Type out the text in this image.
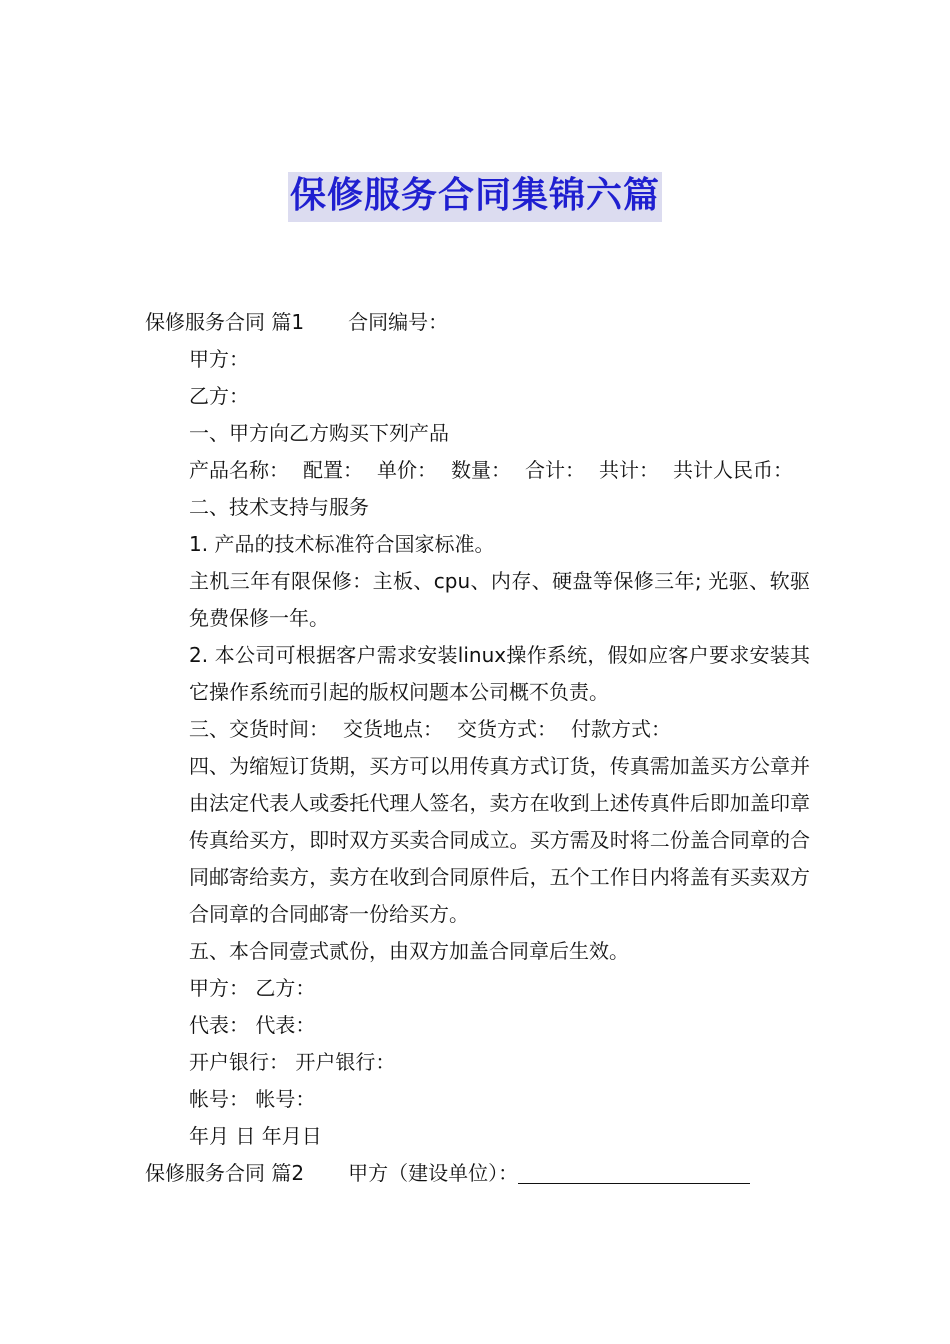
保修服务合同集锦六篇

保修服务合同 篇1 合同编号：

甲方：

乙方：

一、甲方向乙方购买下列产品

产品名称： 配置： 单价： 数量： 合计： 共计： 共计人民币：

二、技术支持与服务

1. 产品的技术标准符合国家标准。

主机三年有限保修：主板、cpu、内存、硬盘等保修三年; 光驱、软驱免费保修一年。

2. 本公司可根据客户需求安装linux操作系统，假如应客户要求安装其它操作系统而引起的版权问题本公司概不负责。

三、交货时间： 交货地点： 交货方式： 付款方式：

四、为缩短订货期，买方可以用传真方式订货，传真需加盖买方公章并由法定代表人或委托代理人签名，卖方在收到上述传真件后即加盖印章传真给买方，即时双方买卖合同成立。买方需及时将二份盖合同章的合同邮寄给卖方，卖方在收到合同原件后，五个工作日内将盖有买卖双方合同章的合同邮寄一份给买方。

五、本合同壹式贰份，由双方加盖合同章后生效。

甲方： 乙方：

代表： 代表：

开户银行： 开户银行：

帐号： 帐号：

年月 日 年月日

保修服务合同 篇2 甲方（建设单位）：
